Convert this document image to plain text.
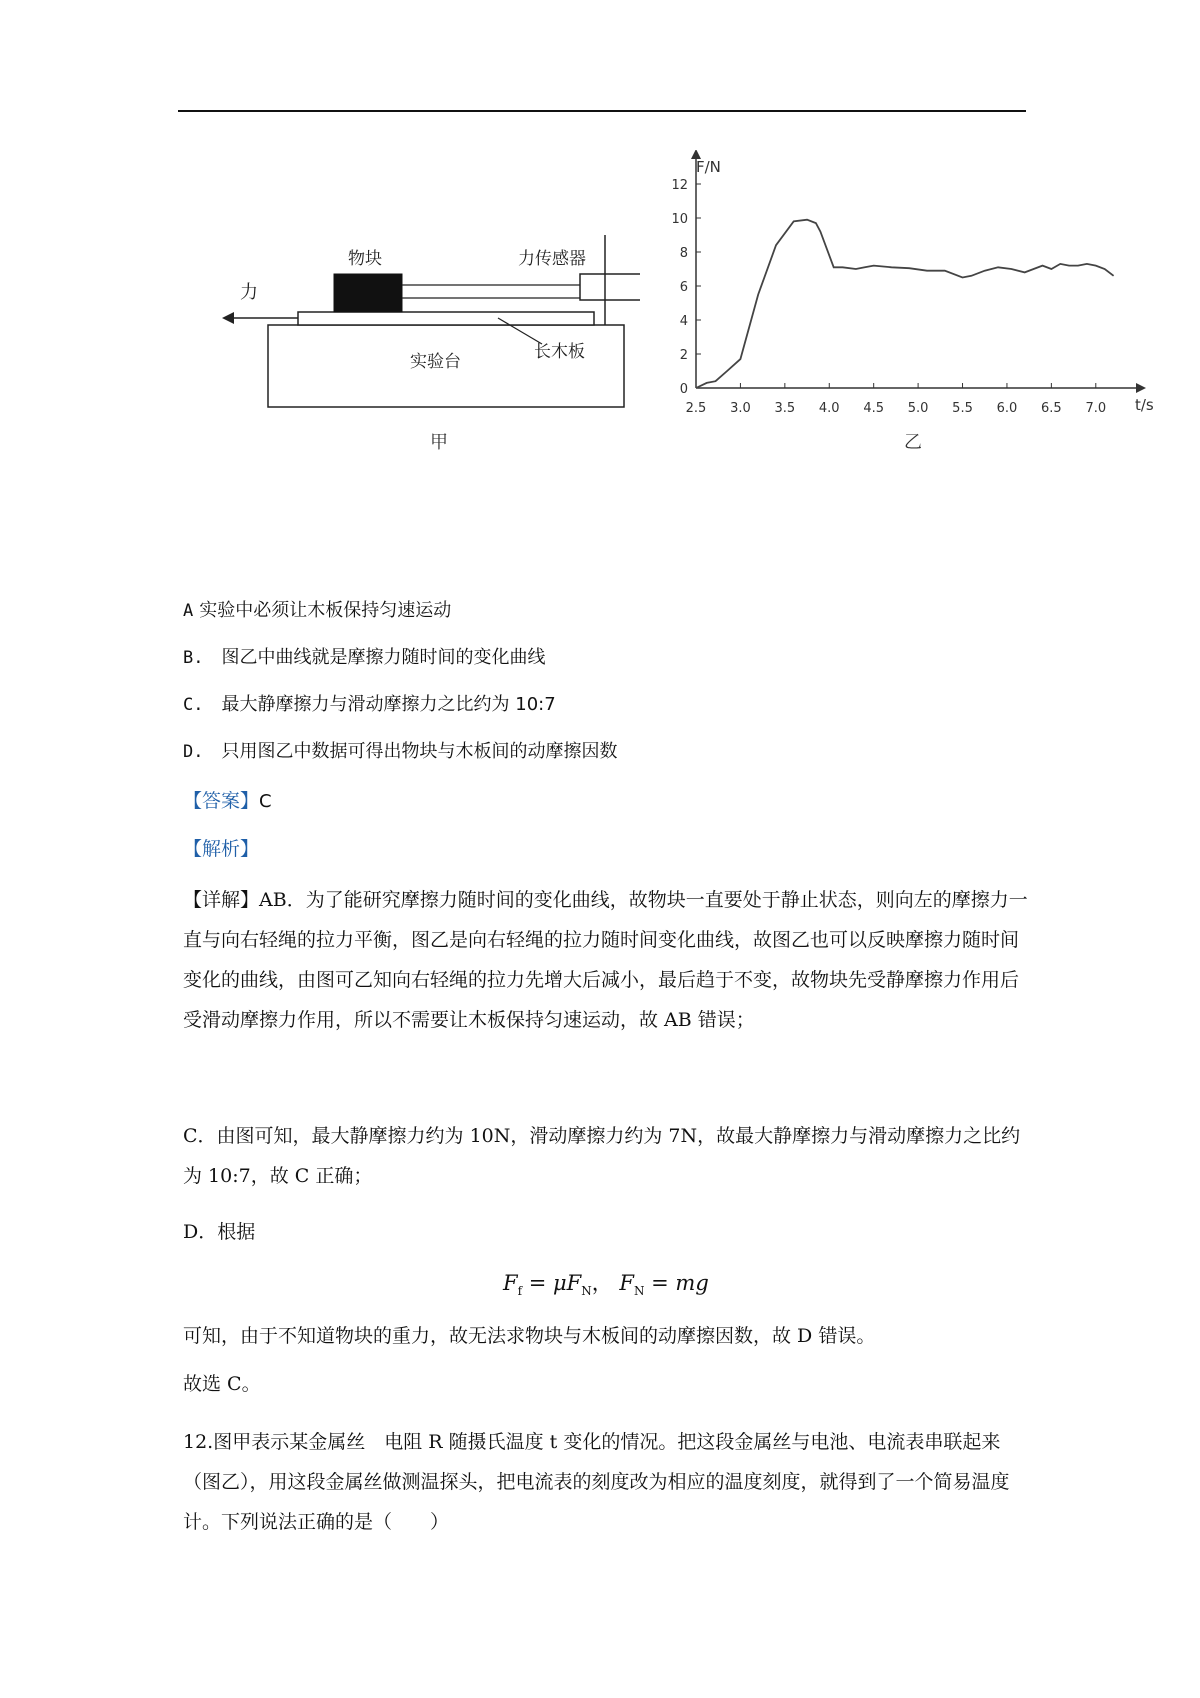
物块	力传感器
力
长木板
实验台
甲
0
2
4
6
8
10
12
2.5 3.0 3.5 4.0 4.5 5.0 5.5 6.0 6.5 7.0
F/N
t/s
乙
A 实验中必须让木板保持匀速运动
B. 图乙中曲线就是摩擦力随时间的变化曲线
C. 最大静摩擦力与滑动摩擦力之比约为 10:7
D. 只用图乙中数据可得出物块与木板间的动摩擦因数
【答案】C
【解析】
【详解】AB．为了能研究摩擦力随时间的变化曲线，故物块一直要处于静止状态，则向左的摩擦力一直与向右轻绳的拉力平衡，图乙是向右轻绳的拉力随时间变化曲线，故图乙也可以反映摩擦力随时间变化的曲线，由图可乙知向右轻绳的拉力先增大后减小，最后趋于不变，故物块先受静摩擦力作用后受滑动摩擦力作用，所以不需要让木板保持匀速运动，故 AB 错误；
C．由图可知，最大静摩擦力约为 10N，滑动摩擦力约为 7N，故最大静摩擦力与滑动摩擦力之比约为 10:7，故 C 正确；
D．根据
$F_f = \mu F_N$， $F_N$ = mg
可知，由于不知道物块的重力，故无法求物块与木板间的动摩擦因数，故 D 错误。
故选 C。
12.图甲表示某金属丝　电阻 R 随摄氏温度 t 变化的情况。把这段金属丝与电池、电流表串联起来（图乙），用这段金属丝做测温探头，把电流表的刻度改为相应的温度刻度，就得到了一个简易温度计。下列说法正确的是（　　）
